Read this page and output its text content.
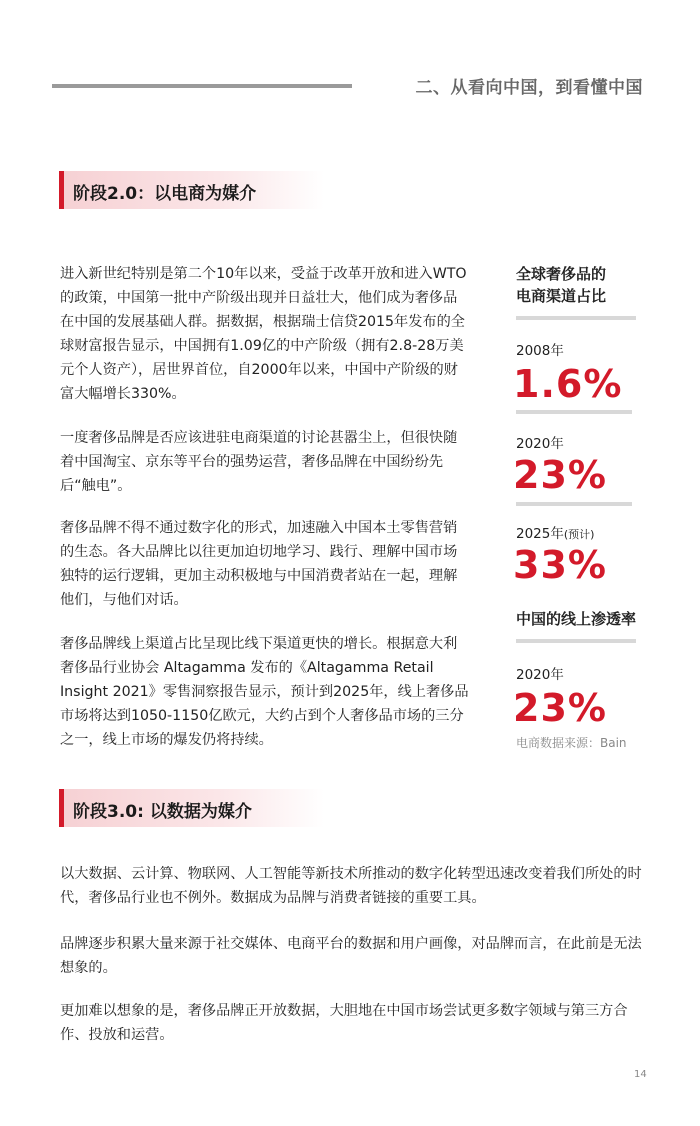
二、从看向中国，到看懂中国
阶段2.0：以电商为媒介

进入新世纪特别是第二个10年以来，受益于改革开放和进入WTO的政策，中国第一批中产阶级出现并日益壮大，他们成为奢侈品在中国的发展基础人群。据数据，根据瑞士信贷2015年发布的全球财富报告显示，中国拥有1.09亿的中产阶级（拥有2.8-28万美元个人资产），居世界首位，自2000年以来，中国中产阶级的财富大幅增长330%。

一度奢侈品牌是否应该进驻电商渠道的讨论甚嚣尘上，但很快随着中国淘宝、京东等平台的强势运营，奢侈品牌在中国纷纷先后“触电”。

奢侈品牌不得不通过数字化的形式，加速融入中国本土零售营销的生态。各大品牌比以往更加迫切地学习、践行、理解中国市场独特的运行逻辑，更加主动积极地与中国消费者站在一起，理解他们，与他们对话。

奢侈品牌线上渠道占比呈现比线下渠道更快的增长。根据意大利奢侈品行业协会 Altagamma 发布的《Altagamma Retail Insight 2021》零售洞察报告显示，预计到2025年，线上奢侈品市场将达到1050-1150亿欧元，大约占到个人奢侈品市场的三分之一，线上市场的爆发仍将持续。

全球奢侈品的
电商渠道占比
2008年
1.6%
2020年
23%
2025年(预计)
33%
中国的线上渗透率
2020年
23%
电商数据来源：Bain
阶段3.0: 以数据为媒介

以大数据、云计算、物联网、人工智能等新技术所推动的数字化转型迅速改变着我们所处的时代，奢侈品行业也不例外。数据成为品牌与消费者链接的重要工具。

品牌逐步积累大量来源于社交媒体、电商平台的数据和用户画像，对品牌而言，在此前是无法想象的。

更加难以想象的是，奢侈品牌正开放数据，大胆地在中国市场尝试更多数字领域与第三方合作、投放和运营。

14
